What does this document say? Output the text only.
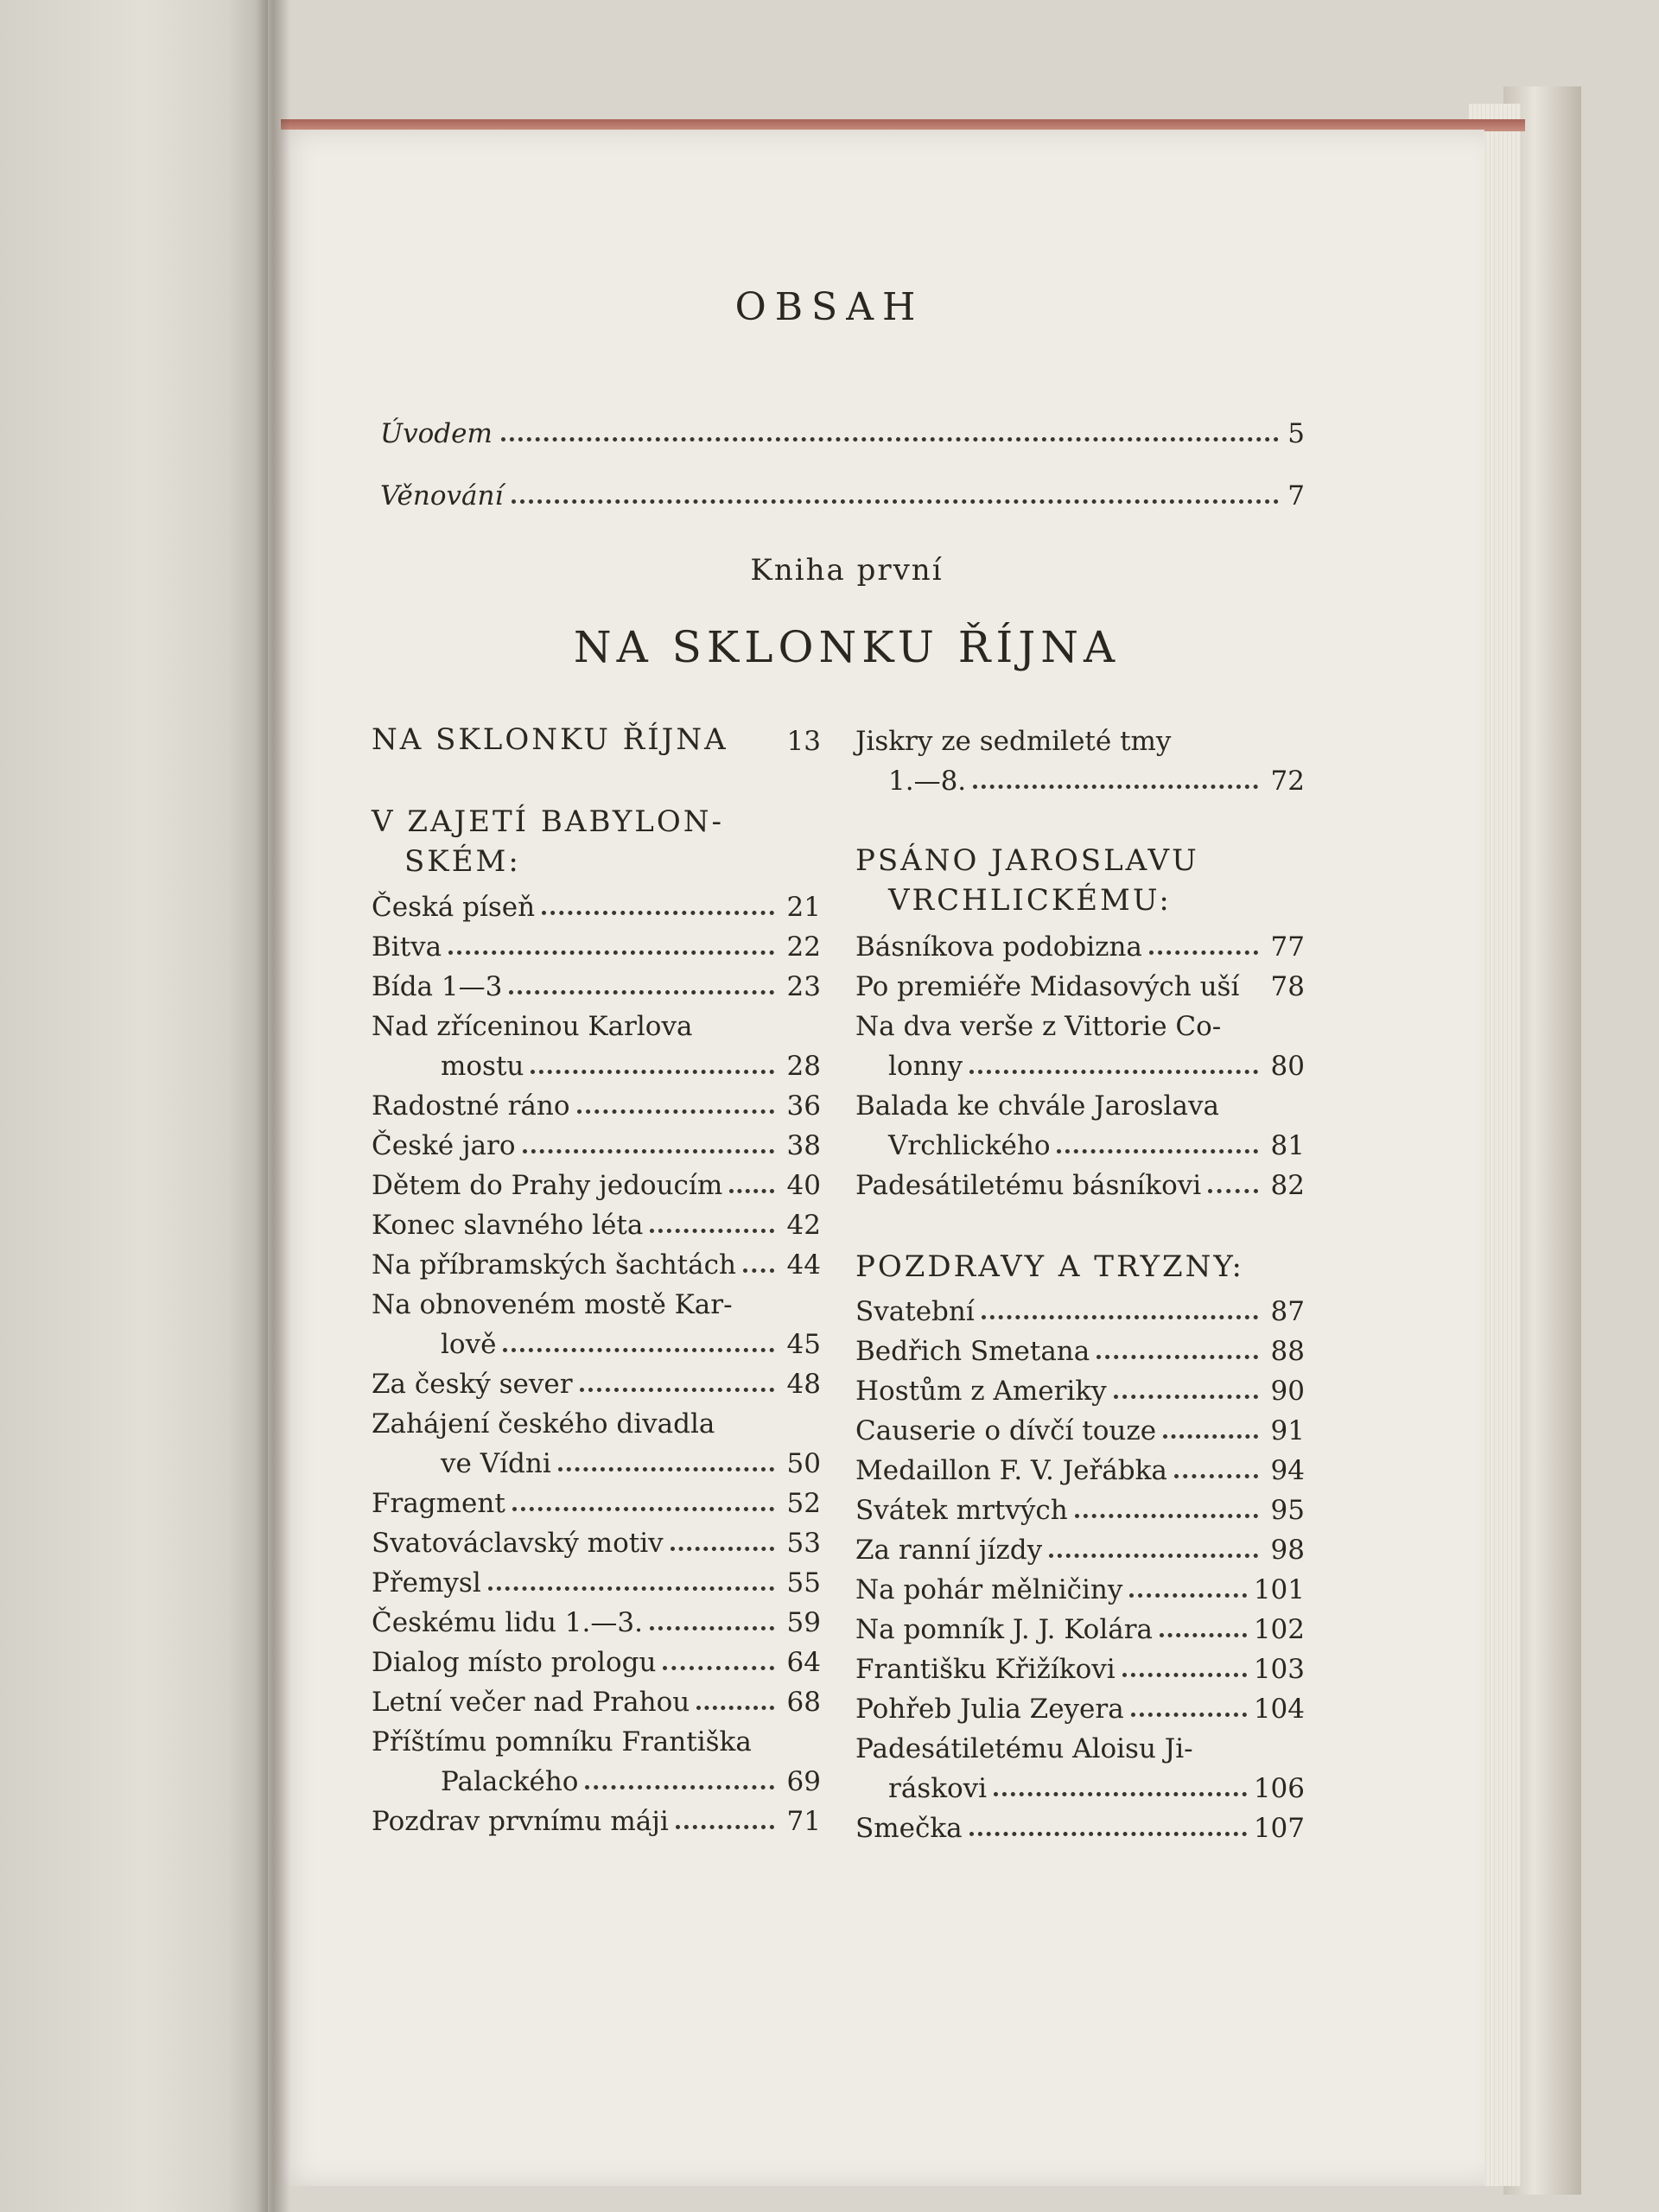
OBSAH
Úvodem	5
Věnování	7
Kniha první
NA SKLONKU ŘÍJNA
NA SKLONKU ŘÍJNA 13
V ZAJETÍ BABYLON-
SKÉM:
Česká píseň	21
Bitva	22
Bída 1—3	23
Nad zříceninou Karlova
mostu	28
Radostné ráno	36
České jaro	38
Dětem do Prahy jedoucím 40
Konec slavného léta	42
Na příbramských šachtách 44
Na obnoveném mostě Kar-
lově	45
Za český sever	48
Zahájení českého divadla
ve Vídni	50
Fragment	52
Svatováclavský motiv	53
Přemysl	55
Českému lidu 1.—3.	59
Dialog místo prologu	64
Letní večer nad Prahou	68
Příštímu pomníku Františka
Palackého	69
Pozdrav prvnímu máji	71
Jiskry ze sedmileté tmy
1.—8.	72
PSÁNO JAROSLAVU
VRCHLICKÉMU:
Básníkova podobizna	77
Po premiéře Midasových uší 78
Na dva verše z Vittorie Co-
lonny	80
Balada ke chvále Jaroslava
Vrchlického	81
Padesátiletému básníkovi	82
POZDRAVY A TRYZNY:
Svatební	87
Bedřich Smetana	88
Hostům z Ameriky	90
Causerie o dívčí touze	91
Medaillon F. V. Jeřábka	94
Svátek mrtvých	95
Za ranní jízdy	98
Na pohár mělničiny	101
Na pomník J. J. Kolára	102
Františku Křižíkovi	103
Pohřeb Julia Zeyera	104
Padesátiletému Aloisu Ji-
ráskovi	106
Smečka	107
